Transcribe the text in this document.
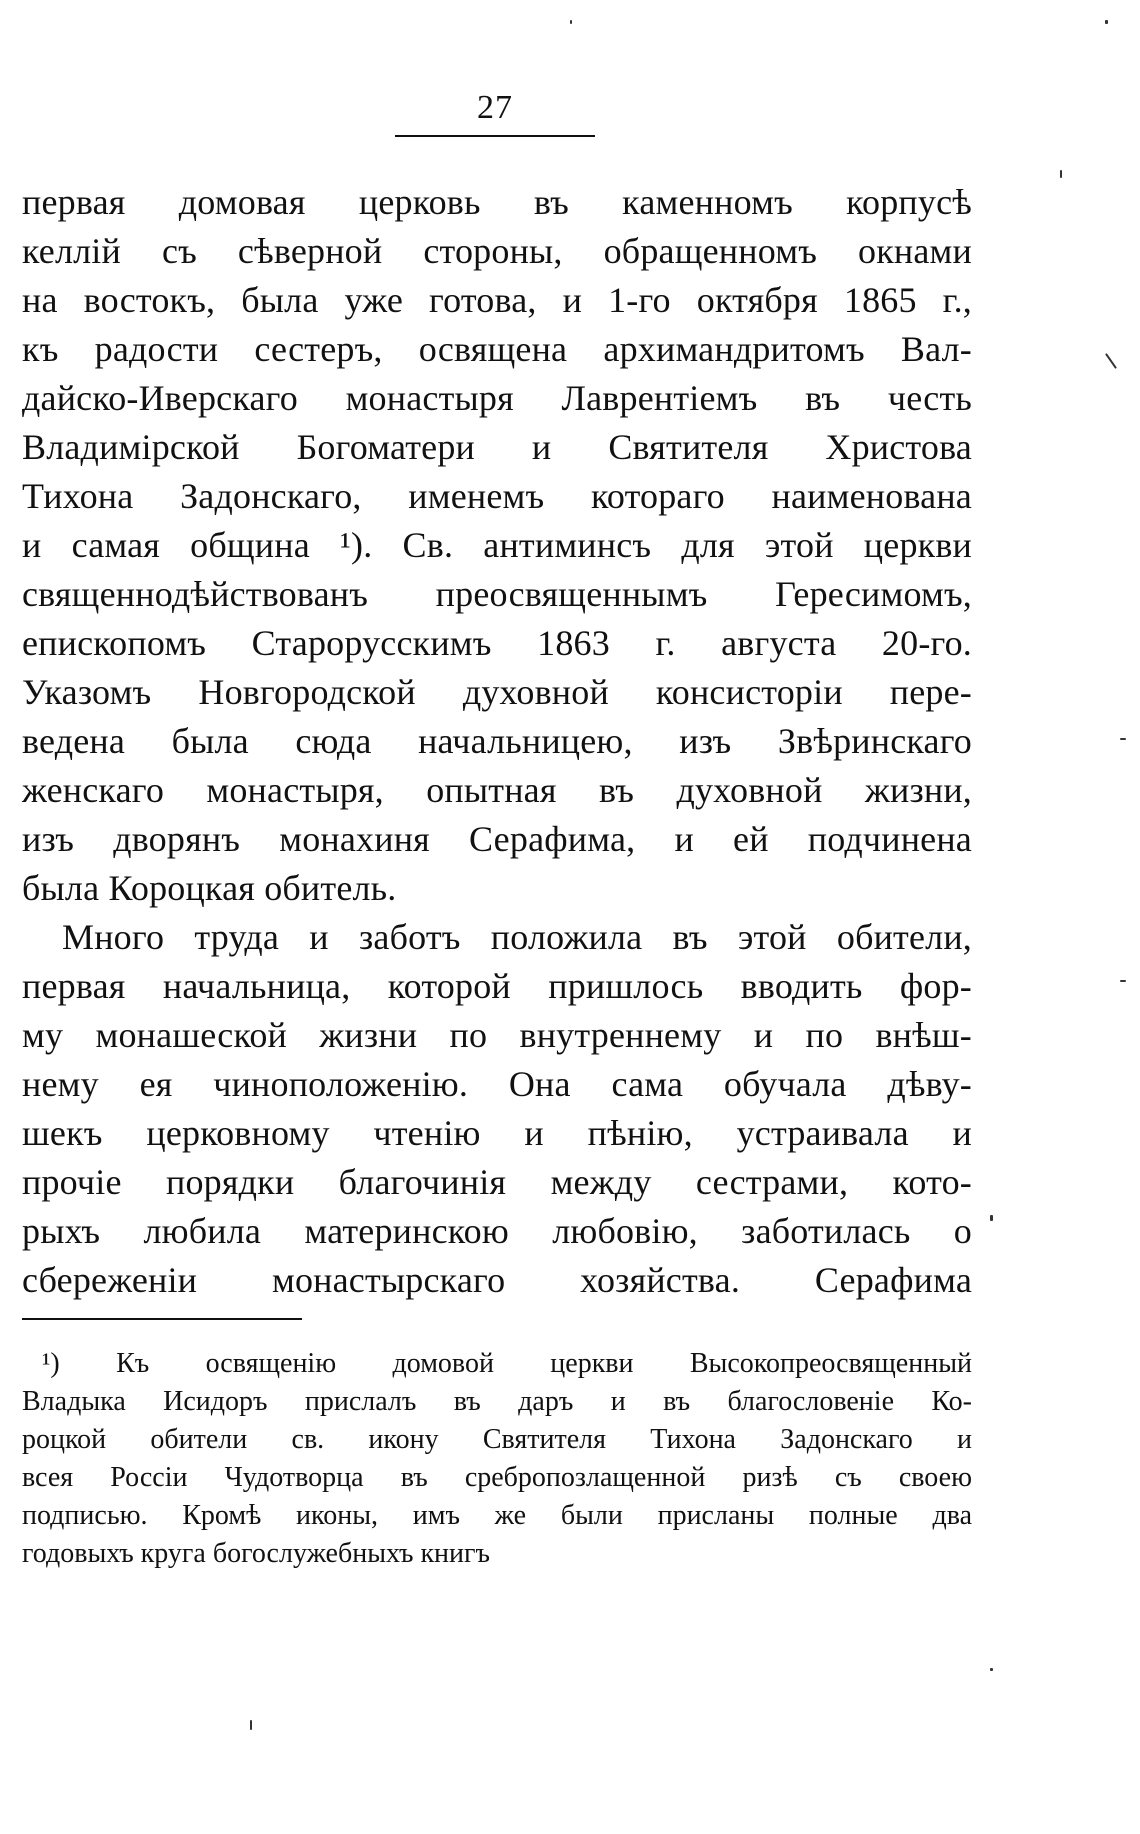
27
первая домовая церковь въ каменномъ корпусѣ
келлій съ сѣверной стороны, обращенномъ окнами
на востокъ, была уже готова, и 1-го октября 1865 г.,
къ радости сестеръ, освящена архимандритомъ Вал-
дайско-Иверскаго монастыря Лаврентіемъ въ честь
Владимірской Богоматери и Святителя Христова
Тихона Задонскаго, именемъ котораго наименована
и самая община ¹). Св. антиминсъ для этой церкви
священнодѣйствованъ преосвященнымъ Гересимомъ,
епископомъ Старорусскимъ 1863 г. августа 20-го.
Указомъ Новгородской духовной консисторіи пере-
ведена была сюда начальницею, изъ Звѣринскаго
женскаго монастыря, опытная въ духовной жизни,
изъ дворянъ монахиня Серафима, и ей подчинена
была Короцкая обитель.
Много труда и заботъ положила въ этой обители,
первая начальница, которой пришлось вводить фор-
му монашеской жизни по внутреннему и по внѣш-
нему ея чиноположенію. Она сама обучала дѣву-
шекъ церковному чтенію и пѣнію, устраивала и
прочіе порядки благочинія между сестрами, кото-
рыхъ любила материнскою любовію, заботилась о
сбереженіи монастырскаго хозяйства. Серафима
¹) Къ освященію домовой церкви Высокопреосвященный
Владыка Исидоръ прислалъ въ даръ и въ благословеніе Ко-
роцкой обители св. икону Святителя Тихона Задонскаго и
всея Россіи Чудотворца въ сребропозлащенной ризѣ съ своею
подписью. Кромѣ иконы, имъ же были присланы полные два
годовыхъ круга богослужебныхъ книгъ
